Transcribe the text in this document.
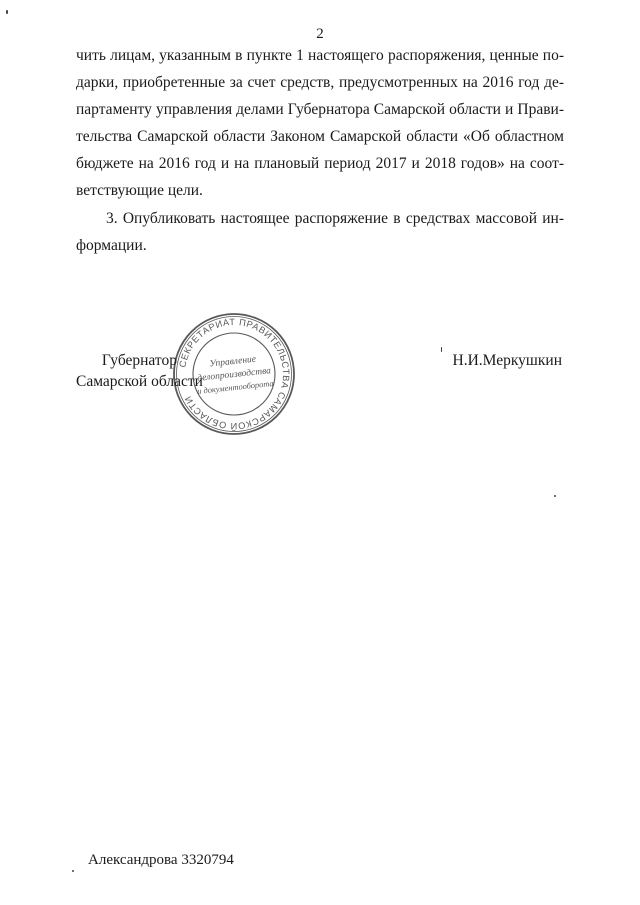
2
чить лицам, указанным в пункте 1 настоящего распоряжения, ценные по-
дарки, приобретенные за счет средств, предусмотренных на 2016 год де-
партаменту управления делами Губернатора Самарской области и Прави-
тельства Самарской области Законом Самарской области «Об областном
бюджете на 2016 год и на плановый период 2017 и 2018 годов» на соот-
ветствующие цели.
3. Опубликовать настоящее распоряжение в средствах массовой ин-
формации.
Губернатор
Самарской области
Н.И.Меркушкин
СЕКРЕТАРИАТ ПРАВИТЕЛЬСТВА САМАРСКОЙ ОБЛАСТИ
Управление
делопроизводства
и документооборота
Александрова 3320794
